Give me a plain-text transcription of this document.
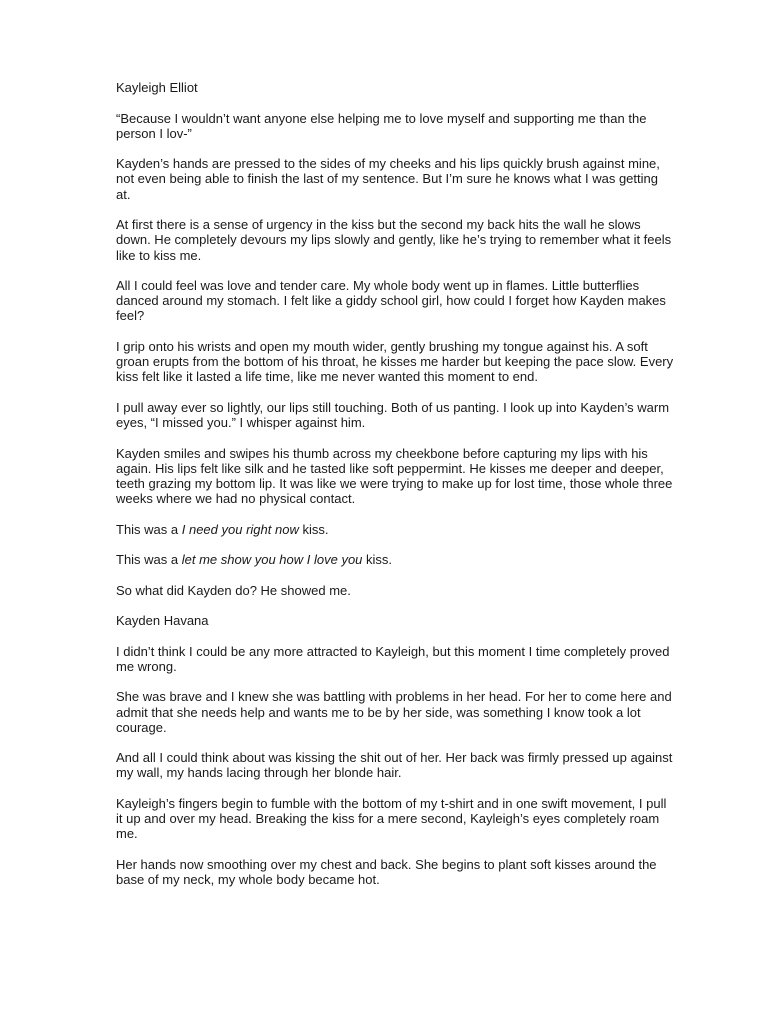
Kayleigh Elliot

“Because I wouldn’t want anyone else helping me to love myself and supporting me than the person I lov-”

Kayden’s hands are pressed to the sides of my cheeks and his lips quickly brush against mine, not even being able to finish the last of my sentence. But I’m sure he knows what I was getting at.

At first there is a sense of urgency in the kiss but the second my back hits the wall he slows down. He completely devours my lips slowly and gently, like he’s trying to remember what it feels like to kiss me.

All I could feel was love and tender care. My whole body went up in flames. Little butterflies danced around my stomach. I felt like a giddy school girl, how could I forget how Kayden makes feel?

I grip onto his wrists and open my mouth wider, gently brushing my tongue against his. A soft groan erupts from the bottom of his throat, he kisses me harder but keeping the pace slow. Every kiss felt like it lasted a life time, like me never wanted this moment to end.

I pull away ever so lightly, our lips still touching. Both of us panting. I look up into Kayden’s warm eyes, “I missed you.” I whisper against him.

Kayden smiles and swipes his thumb across my cheekbone before capturing my lips with his again. His lips felt like silk and he tasted like soft peppermint. He kisses me deeper and deeper, teeth grazing my bottom lip. It was like we were trying to make up for lost time, those whole three weeks where we had no physical contact.

This was a I need you right now kiss.

This was a let me show you how I love you kiss.

So what did Kayden do? He showed me.

Kayden Havana

I didn’t think I could be any more attracted to Kayleigh, but this moment I time completely proved me wrong.

She was brave and I knew she was battling with problems in her head. For her to come here and admit that she needs help and wants me to be by her side, was something I know took a lot courage.

And all I could think about was kissing the shit out of her. Her back was firmly pressed up against my wall, my hands lacing through her blonde hair.

Kayleigh’s fingers begin to fumble with the bottom of my t-shirt and in one swift movement, I pull it up and over my head. Breaking the kiss for a mere second, Kayleigh’s eyes completely roam me.

Her hands now smoothing over my chest and back. She begins to plant soft kisses around the base of my neck, my whole body became hot.
